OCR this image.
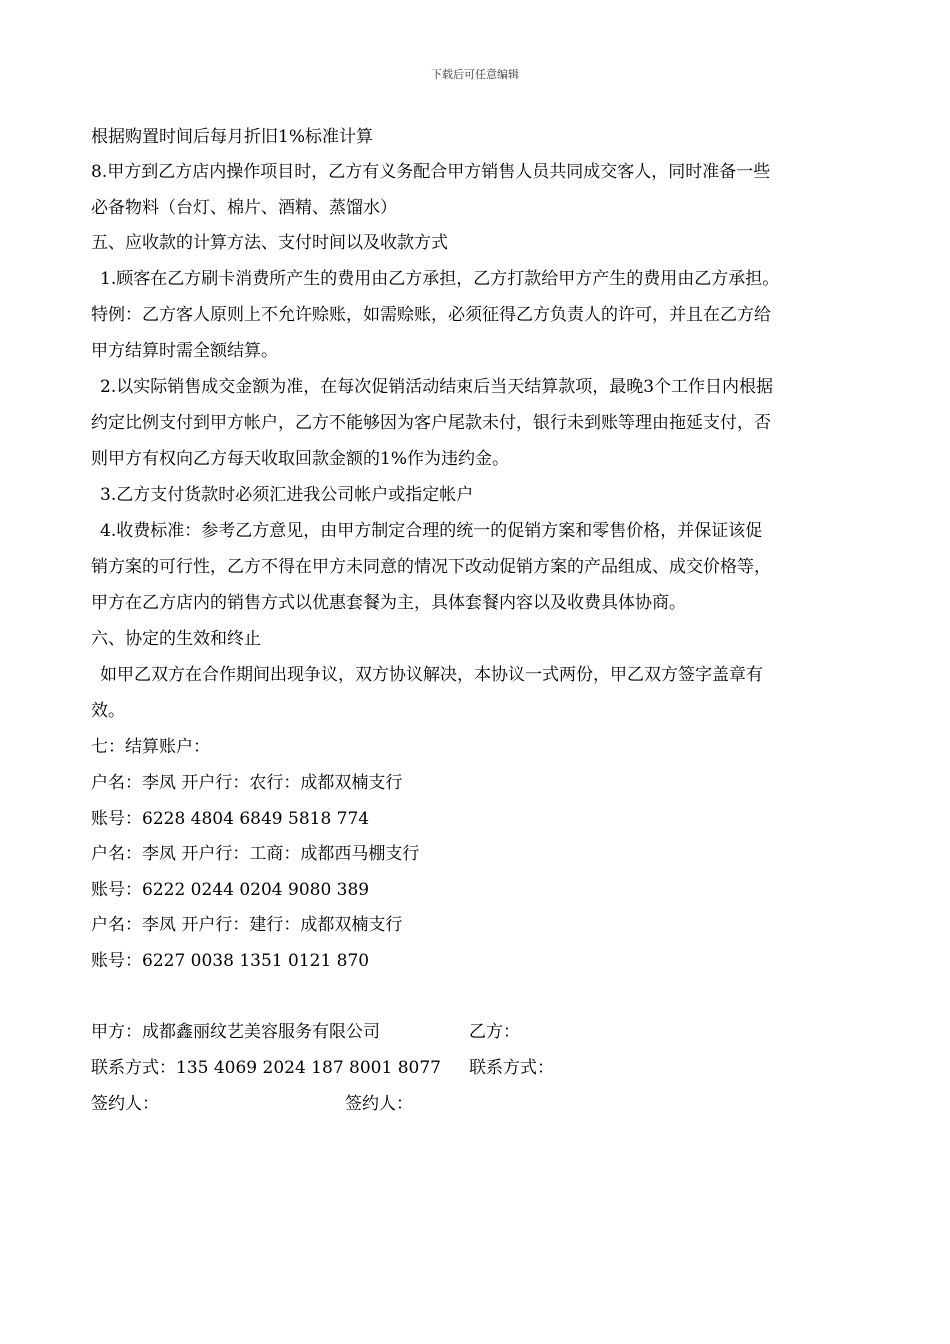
下载后可任意编辑
根据购置时间后每月折旧1%标准计算
8.甲方到乙方店内操作项目时，乙方有义务配合甲方销售人员共同成交客人，同时准备一些
必备物料（台灯、棉片、酒精、蒸馏水）
五、应收款的计算方法、支付时间以及收款方式
1.顾客在乙方刷卡消费所产生的费用由乙方承担，乙方打款给甲方产生的费用由乙方承担。
特例：乙方客人原则上不允许赊账，如需赊账，必须征得乙方负责人的许可，并且在乙方给
甲方结算时需全额结算。
2.以实际销售成交金额为准，在每次促销活动结束后当天结算款项，最晚3个工作日内根据
约定比例支付到甲方帐户，乙方不能够因为客户尾款未付，银行未到账等理由拖延支付，否
则甲方有权向乙方每天收取回款金额的1%作为违约金。
3.乙方支付货款时必须汇进我公司帐户或指定帐户
4.收费标准：参考乙方意见，由甲方制定合理的统一的促销方案和零售价格，并保证该促
销方案的可行性，乙方不得在甲方未同意的情况下改动促销方案的产品组成、成交价格等，
甲方在乙方店内的销售方式以优惠套餐为主，具体套餐内容以及收费具体协商。
六、协定的生效和终止
如甲乙双方在合作期间出现争议，双方协议解决，本协议一式两份，甲乙双方签字盖章有
效。
七：结算账户：
户名：李凤 开户行：农行：成都双楠支行
账号：6228 4804 6849 5818 774
户名：李凤 开户行：工商：成都西马棚支行
账号：6222 0244 0204 9080 389
户名：李凤 开户行：建行：成都双楠支行
账号：6227 0038 1351 0121 870
甲方：成都鑫丽纹艺美容服务有限公司	乙方：
联系方式：135 4069 2024 187 8001 8077 联系方式：
签约人：	签约人：
